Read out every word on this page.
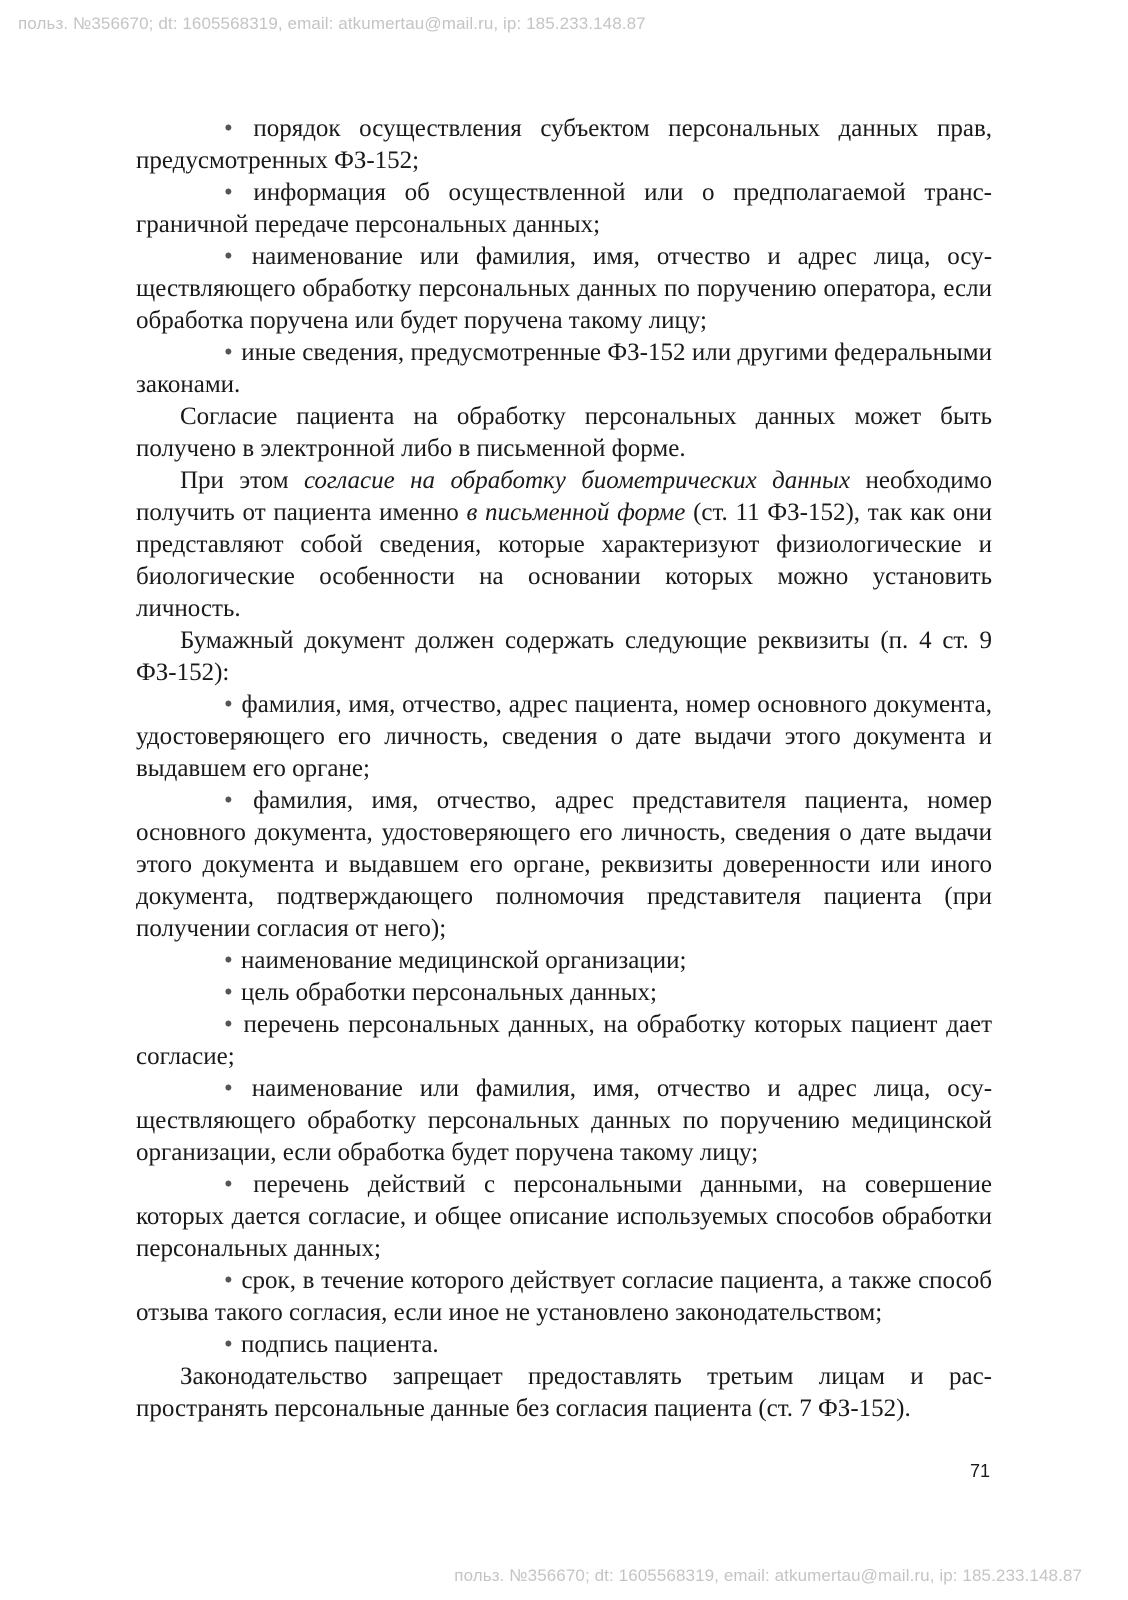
польз. №356670; dt: 1605568319, email: atkumertau@mail.ru, ip: 185.233.148.87

• порядок осуществления субъектом персональных данных прав, предусмотренных ФЗ-152;

• информация об осуществленной или о предполагаемой трансграничной передаче персональных данных;

• наименование или фамилия, имя, отчество и адрес лица, осуществляющего обработку персональных данных по поручению оператора, если обработка поручена или будет поручена такому лицу;

• иные сведения, предусмотренные ФЗ-152 или другими федеральными законами.

Согласие пациента на обработку персональных данных может быть получено в электронной либо в письменной форме.

При этом согласие на обработку биометрических данных необходимо получить от пациента именно в письменной форме (ст. 11 ФЗ-152), так как они представляют собой сведения, которые характеризуют физиологические и биологические особенности на основании которых можно установить личность.

Бумажный документ должен содержать следующие реквизиты (п. 4 ст. 9 ФЗ-152):

• фамилия, имя, отчество, адрес пациента, номер основного документа, удостоверяющего его личность, сведения о дате выдачи этого документа и выдавшем его органе;

• фамилия, имя, отчество, адрес представителя пациента, номер основного документа, удостоверяющего его личность, сведения о дате выдачи этого документа и выдавшем его органе, реквизиты доверенности или иного документа, подтверждающего полномочия представителя пациента (при получении согласия от него);

• наименование медицинской организации;

• цель обработки персональных данных;

• перечень персональных данных, на обработку которых пациент дает согласие;

• наименование или фамилия, имя, отчество и адрес лица, осуществляющего обработку персональных данных по поручению медицинской организации, если обработка будет поручена такому лицу;

• перечень действий с персональными данными, на совершение которых дается согласие, и общее описание используемых способов обработки персональных данных;

• срок, в течение которого действует согласие пациента, а также способ отзыва такого согласия, если иное не установлено законодательством;

• подпись пациента.

Законодательство запрещает предоставлять третьим лицам и распространять персональные данные без согласия пациента (ст. 7 ФЗ-152).

71
польз. №356670; dt: 1605568319, email: atkumertau@mail.ru, ip: 185.233.148.87
